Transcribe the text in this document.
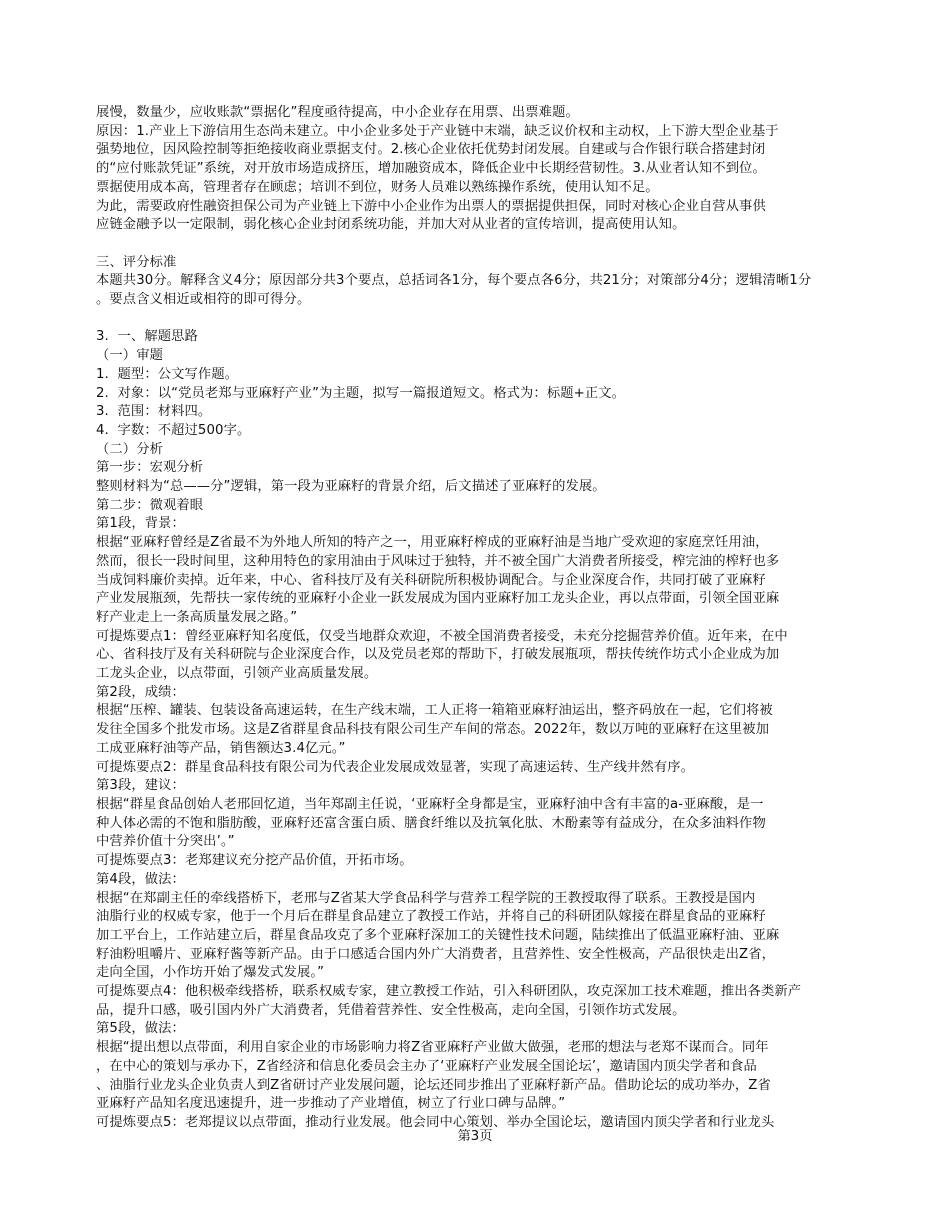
展慢，数量少，应收账款“票据化”程度亟待提高，中小企业存在用票、出票难题。
原因：1.产业上下游信用生态尚未建立。中小企业多处于产业链中末端，缺乏议价权和主动权，上下游大型企业基于
强势地位，因风险控制等拒绝接收商业票据支付。2.核心企业依托优势封闭发展。自建或与合作银行联合搭建封闭
的“应付账款凭证”系统，对开放市场造成挤压，增加融资成本，降低企业中长期经营韧性。3.从业者认知不到位。
票据使用成本高，管理者存在顾虑；培训不到位，财务人员难以熟练操作系统，使用认知不足。
为此，需要政府性融资担保公司为产业链上下游中小企业作为出票人的票据提供担保，同时对核心企业自营从事供
应链金融予以一定限制，弱化核心企业封闭系统功能，并加大对从业者的宣传培训，提高使用认知。
三、评分标准
本题共30分。解释含义4分；原因部分共3个要点，总括词各1分，每个要点各6分，共21分；对策部分4分；逻辑清晰1分
。要点含义相近或相符的即可得分。
3.  一、解题思路
（一）审题
1.  题型：公文写作题。
2.  对象：以“党员老郑与亚麻籽产业”为主题，拟写一篇报道短文。格式为：标题+正文。
3.  范围：材料四。
4.  字数：不超过500字。
（二）分析
第一步：宏观分析
整则材料为“总——分”逻辑，第一段为亚麻籽的背景介绍，后文描述了亚麻籽的发展。
第二步：微观着眼
第1段，背景：
根据“亚麻籽曾经是Z省最不为外地人所知的特产之一，用亚麻籽榨成的亚麻籽油是当地广受欢迎的家庭烹饪用油，
然而，很长一段时间里，这种用特色的家用油由于风味过于独特，并不被全国广大消费者所接受，榨完油的榨籽也多
当成饲料廉价卖掉。近年来，中心、省科技厅及有关科研院所积极协调配合。与企业深度合作，共同打破了亚麻籽
产业发展瓶颈，先帮扶一家传统的亚麻籽小企业一跃发展成为国内亚麻籽加工龙头企业，再以点带面，引领全国亚麻
籽产业走上一条高质量发展之路。”
可提炼要点1：曾经亚麻籽知名度低，仅受当地群众欢迎，不被全国消费者接受，未充分挖掘营养价值。近年来，在中
心、省科技厅及有关科研院与企业深度合作，以及党员老郑的帮助下，打破发展瓶项，帮扶传统作坊式小企业成为加
工龙头企业，以点带面，引领产业高质量发展。
第2段，成绩：
根据“压榨、罐装、包装设备高速运转，在生产线末端，工人正将一箱箱亚麻籽油运出，整齐码放在一起，它们将被
发往全国多个批发市场。这是Z省群星食品科技有限公司生产车间的常态。2022年，数以万吨的亚麻籽在这里被加
工成亚麻籽油等产品，销售额达3.4亿元。”
可提炼要点2：群星食品科技有限公司为代表企业发展成效显著，实现了高速运转、生产线井然有序。
第3段，建议：
根据“群星食品创始人老邢回忆道，当年郑副主任说，‘亚麻籽全身都是宝，亚麻籽油中含有丰富的a-亚麻酸，是一
种人体必需的不饱和脂肪酸，亚麻籽还富含蛋白质、膳食纤维以及抗氧化肽、木酚素等有益成分，在众多油料作物
中营养价值十分突出’。”
可提炼要点3：老郑建议充分挖产品价值，开拓市场。
第4段，做法：
根据“在郑副主任的牵线搭桥下，老邢与Z省某大学食品科学与营养工程学院的王教授取得了联系。王教授是国内
油脂行业的权威专家，他于一个月后在群星食品建立了教授工作站，并将自己的科研团队嫁接在群星食品的亚麻籽
加工平台上，工作站建立后，群星食品攻克了多个亚麻籽深加工的关键性技术问题，陆续推出了低温亚麻籽油、亚麻
籽油粉咀嚼片、亚麻籽酱等新产品。由于口感适合国内外广大消费者，且营养性、安全性极高，产品很快走出Z省，
走向全国，小作坊开始了爆发式发展。”
可提炼要点4：他积极牵线搭桥，联系权威专家，建立教授工作站，引入科研团队，攻克深加工技术难题，推出各类新产
品，提升口感，吸引国内外广大消费者，凭借着营养性、安全性极高，走向全国，引领作坊式发展。
第5段，做法：
根据“提出想以点带面，利用自家企业的市场影响力将Z省亚麻籽产业做大做强，老邢的想法与老郑不谋而合。同年
，在中心的策划与承办下，Z省经济和信息化委员会主办了‘亚麻籽产业发展全国论坛’，邀请国内顶尖学者和食品
、油脂行业龙头企业负责人到Z省研讨产业发展问题，论坛还同步推出了亚麻籽新产品。借助论坛的成功举办，Z省
亚麻籽产品知名度迅速提升，进一步推动了产业增值，树立了行业口碑与品牌。”
可提炼要点5：老郑提议以点带面，推动行业发展。他会同中心策划、举办全国论坛，邀请国内顶尖学者和行业龙头
第3页
